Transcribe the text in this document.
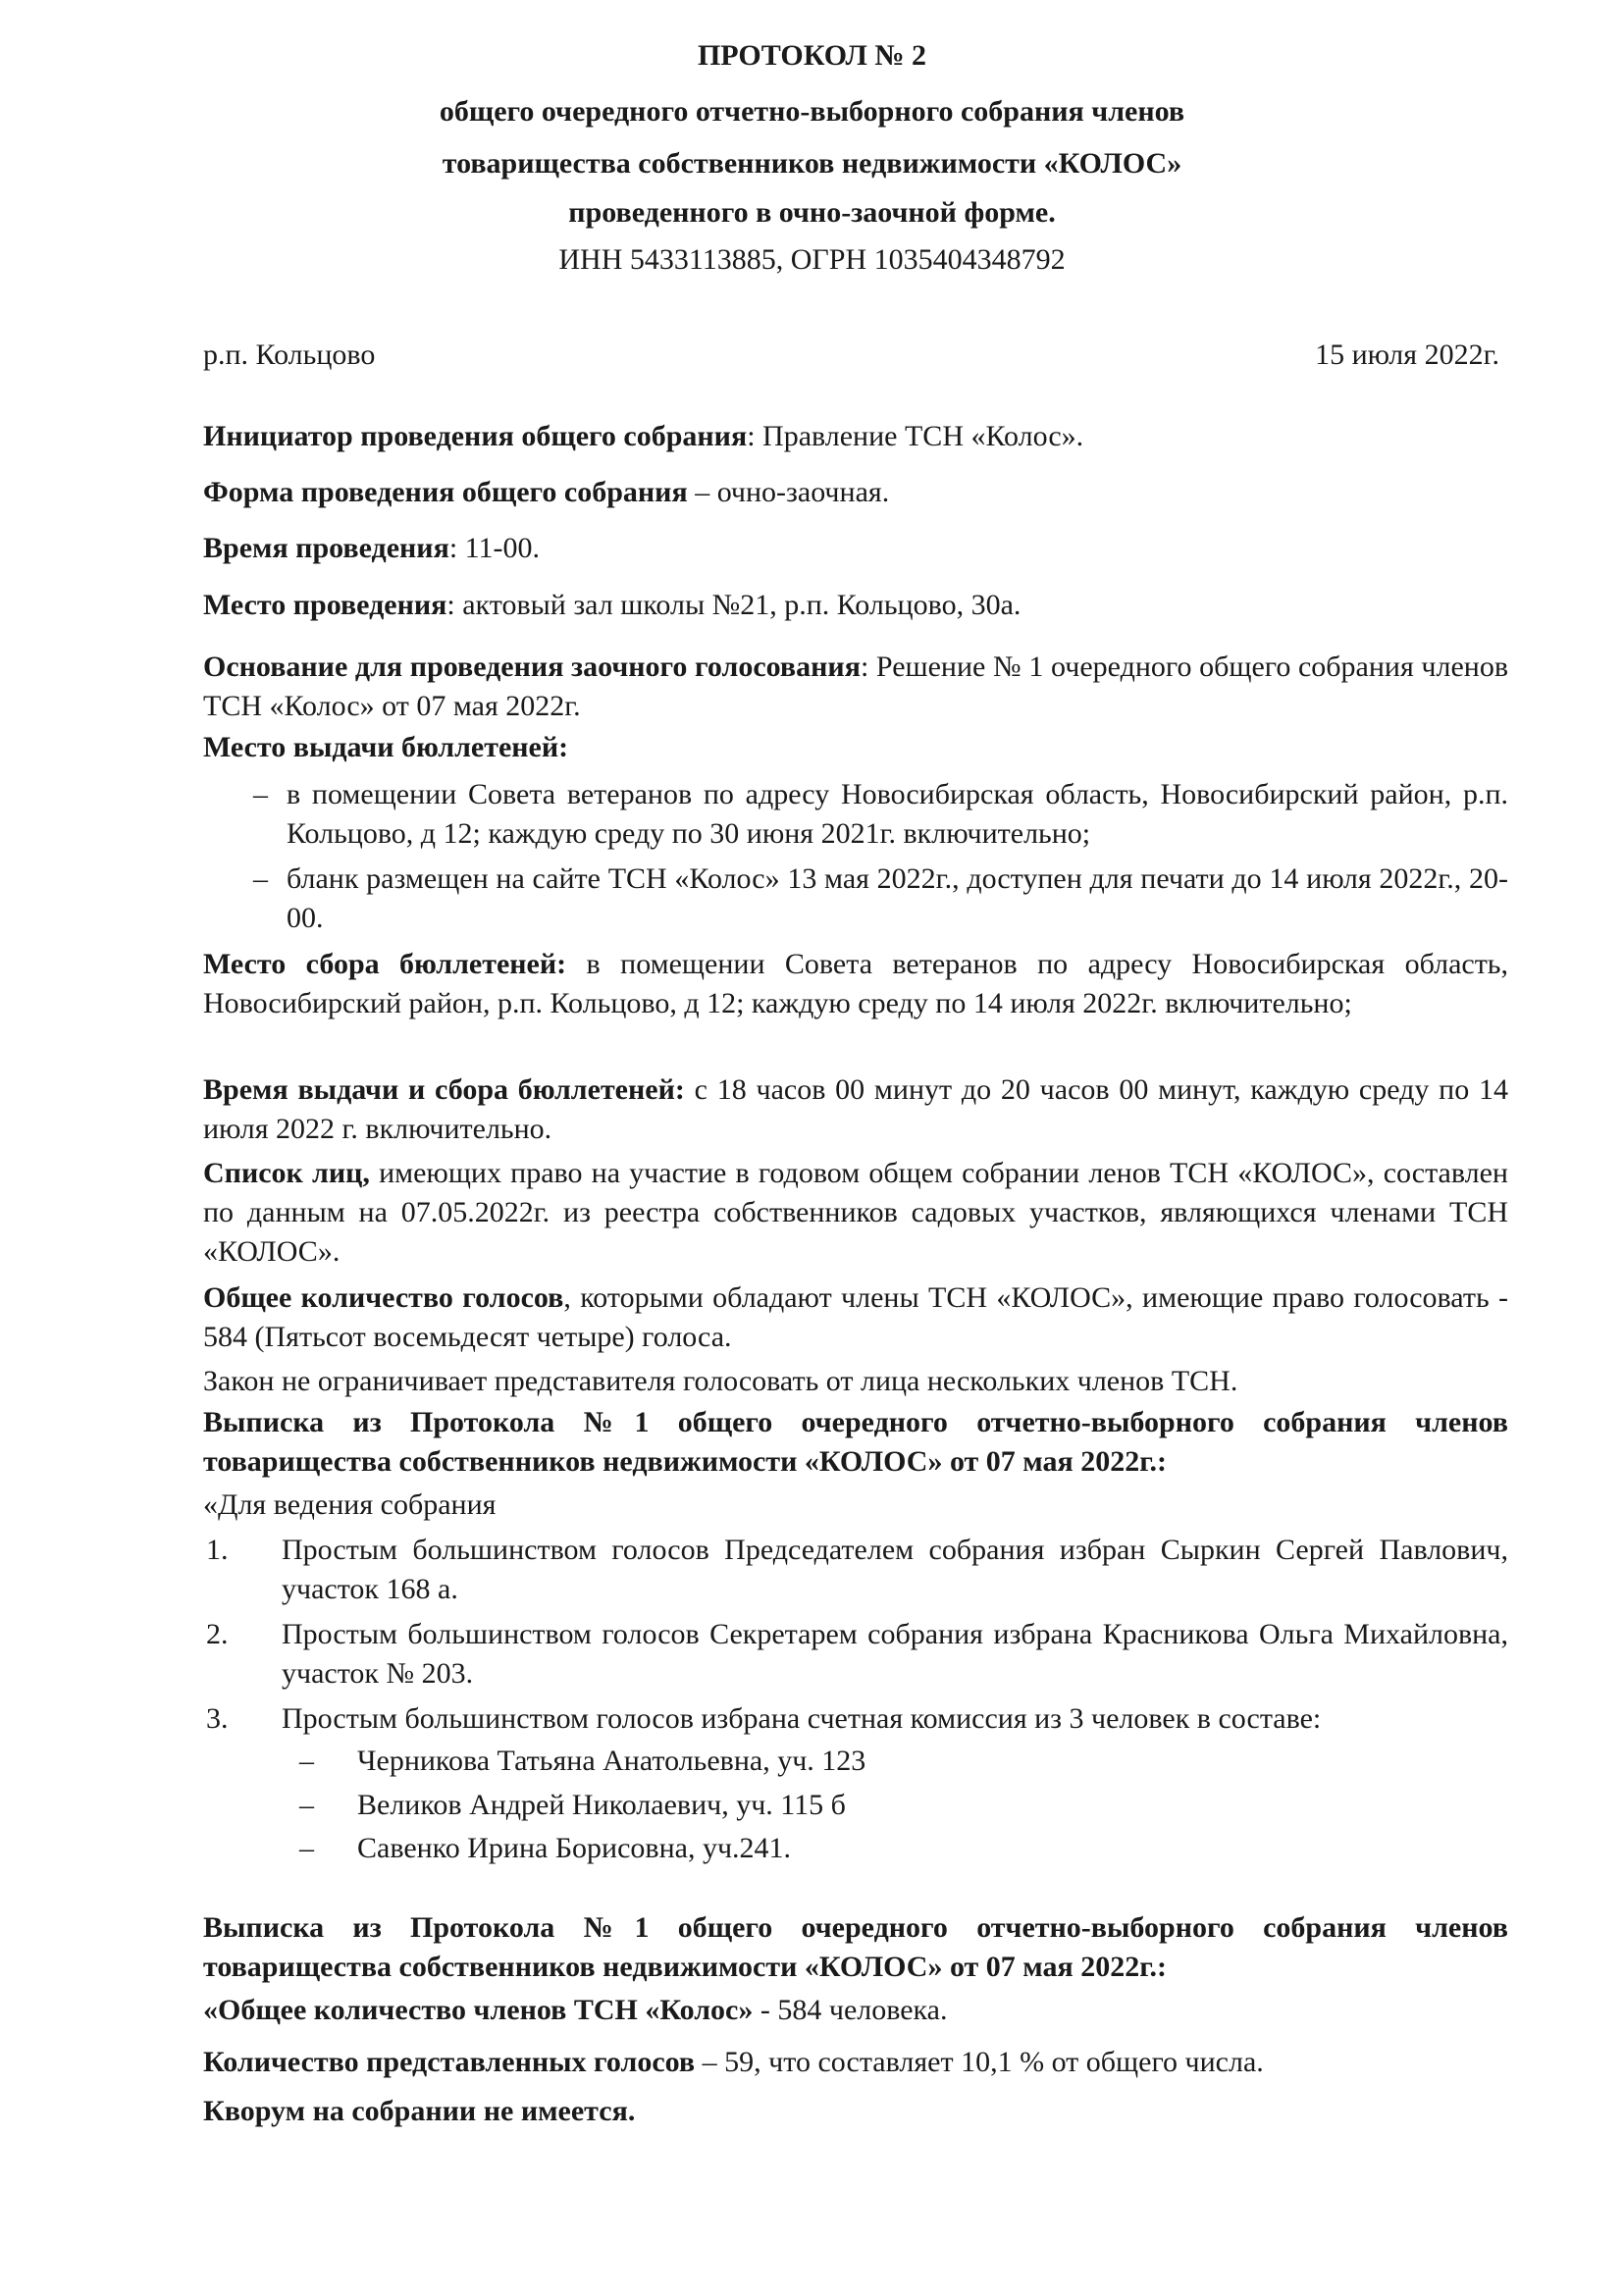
ПРОТОКОЛ № 2
общего очередного отчетно-выборного собрания членов
товарищества собственников недвижимости «КОЛОС»
проведенного в очно-заочной форме.
ИНН 5433113885, ОГРН 1035404348792
р.п. Кольцово	15 июля 2022г.
Инициатор проведения общего собрания: Правление ТСН «Колос».
Форма проведения общего собрания – очно-заочная.
Время проведения: 11-00.
Место проведения: актовый зал школы №21, р.п. Кольцово, 30а.
Основание для проведения заочного голосования: Решение № 1 очередного общего собрания членов ТСН «Колос» от 07 мая 2022г.
Место выдачи бюллетеней:
– в помещении Совета ветеранов по адресу Новосибирская область, Новосибирский район, р.п. Кольцово, д 12; каждую среду по 30 июня 2021г. включительно;
– бланк размещен на сайте ТСН «Колос» 13 мая 2022г., доступен для печати до 14 июля 2022г., 20-00.
Место сбора бюллетеней: в помещении Совета ветеранов по адресу Новосибирская область, Новосибирский район, р.п. Кольцово, д 12; каждую среду по 14 июля 2022г. включительно;
Время выдачи и сбора бюллетеней: с 18 часов 00 минут до 20 часов 00 минут, каждую среду по 14 июля 2022 г. включительно.
Список лиц, имеющих право на участие в годовом общем собрании ленов ТСН «КОЛОС», составлен по данным на 07.05.2022г. из реестра собственников садовых участков, являющихся членами ТСН «КОЛОС».
Общее количество голосов, которыми обладают члены ТСН «КОЛОС», имеющие право голосовать - 584 (Пятьсот восемьдесят четыре) голоса.
Закон не ограничивает представителя голосовать от лица нескольких членов ТСН.
Выписка из Протокола №1 общего очередного отчетно-выборного собрания членов товарищества собственников недвижимости «КОЛОС» от 07 мая 2022г.:
«Для ведения собрания
1. Простым большинством голосов Председателем собрания избран Сыркин Сергей Павлович, участок 168 а.
2. Простым большинством голосов Секретарем собрания избрана Красникова Ольга Михайловна, участок № 203.
3. Простым большинством голосов избрана счетная комиссия из 3 человек в составе:
– Черникова Татьяна Анатольевна, уч. 123
– Великов Андрей Николаевич, уч. 115 б
– Савенко Ирина Борисовна, уч.241.
Выписка из Протокола №1 общего очередного отчетно-выборного собрания членов товарищества собственников недвижимости «КОЛОС» от 07 мая 2022г.:
«Общее количество членов ТСН «Колос» - 584 человека.
Количество представленных голосов – 59, что составляет 10,1 % от общего числа.
Кворум на собрании не имеется.
